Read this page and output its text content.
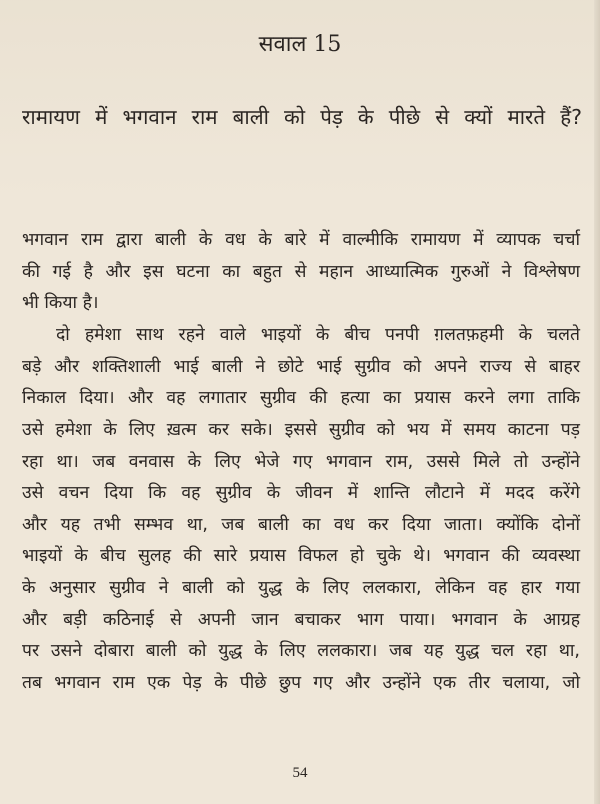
सवाल 15
रामायण में भगवान राम बाली को पेड़ के पीछे से क्यों मारते हैं?
भगवान राम द्वारा बाली के वध के बारे में वाल्मीकि रामायण में व्यापक चर्चा
की गई है और इस घटना का बहुत से महान आध्यात्मिक गुरुओं ने विश्लेषण
भी किया है।
दो हमेशा साथ रहने वाले भाइयों के बीच पनपी ग़लतफ़हमी के चलते
बड़े और शक्तिशाली भाई बाली ने छोटे भाई सुग्रीव को अपने राज्य से बाहर
निकाल दिया। और वह लगातार सुग्रीव की हत्या का प्रयास करने लगा ताकि
उसे हमेशा के लिए ख़त्म कर सके। इससे सुग्रीव को भय में समय काटना पड़
रहा था। जब वनवास के लिए भेजे गए भगवान राम, उससे मिले तो उन्होंने
उसे वचन दिया कि वह सुग्रीव के जीवन में शान्ति लौटाने में मदद करेंगे
और यह तभी सम्भव था, जब बाली का वध कर दिया जाता। क्योंकि दोनों
भाइयों के बीच सुलह की सारे प्रयास विफल हो चुके थे। भगवान की व्यवस्था
के अनुसार सुग्रीव ने बाली को युद्ध के लिए ललकारा, लेकिन वह हार गया
और बड़ी कठिनाई से अपनी जान बचाकर भाग पाया। भगवान के आग्रह
पर उसने दोबारा बाली को युद्ध के लिए ललकारा। जब यह युद्ध चल रहा था,
तब भगवान राम एक पेड़ के पीछे छुप गए और उन्होंने एक तीर चलाया, जो
54
